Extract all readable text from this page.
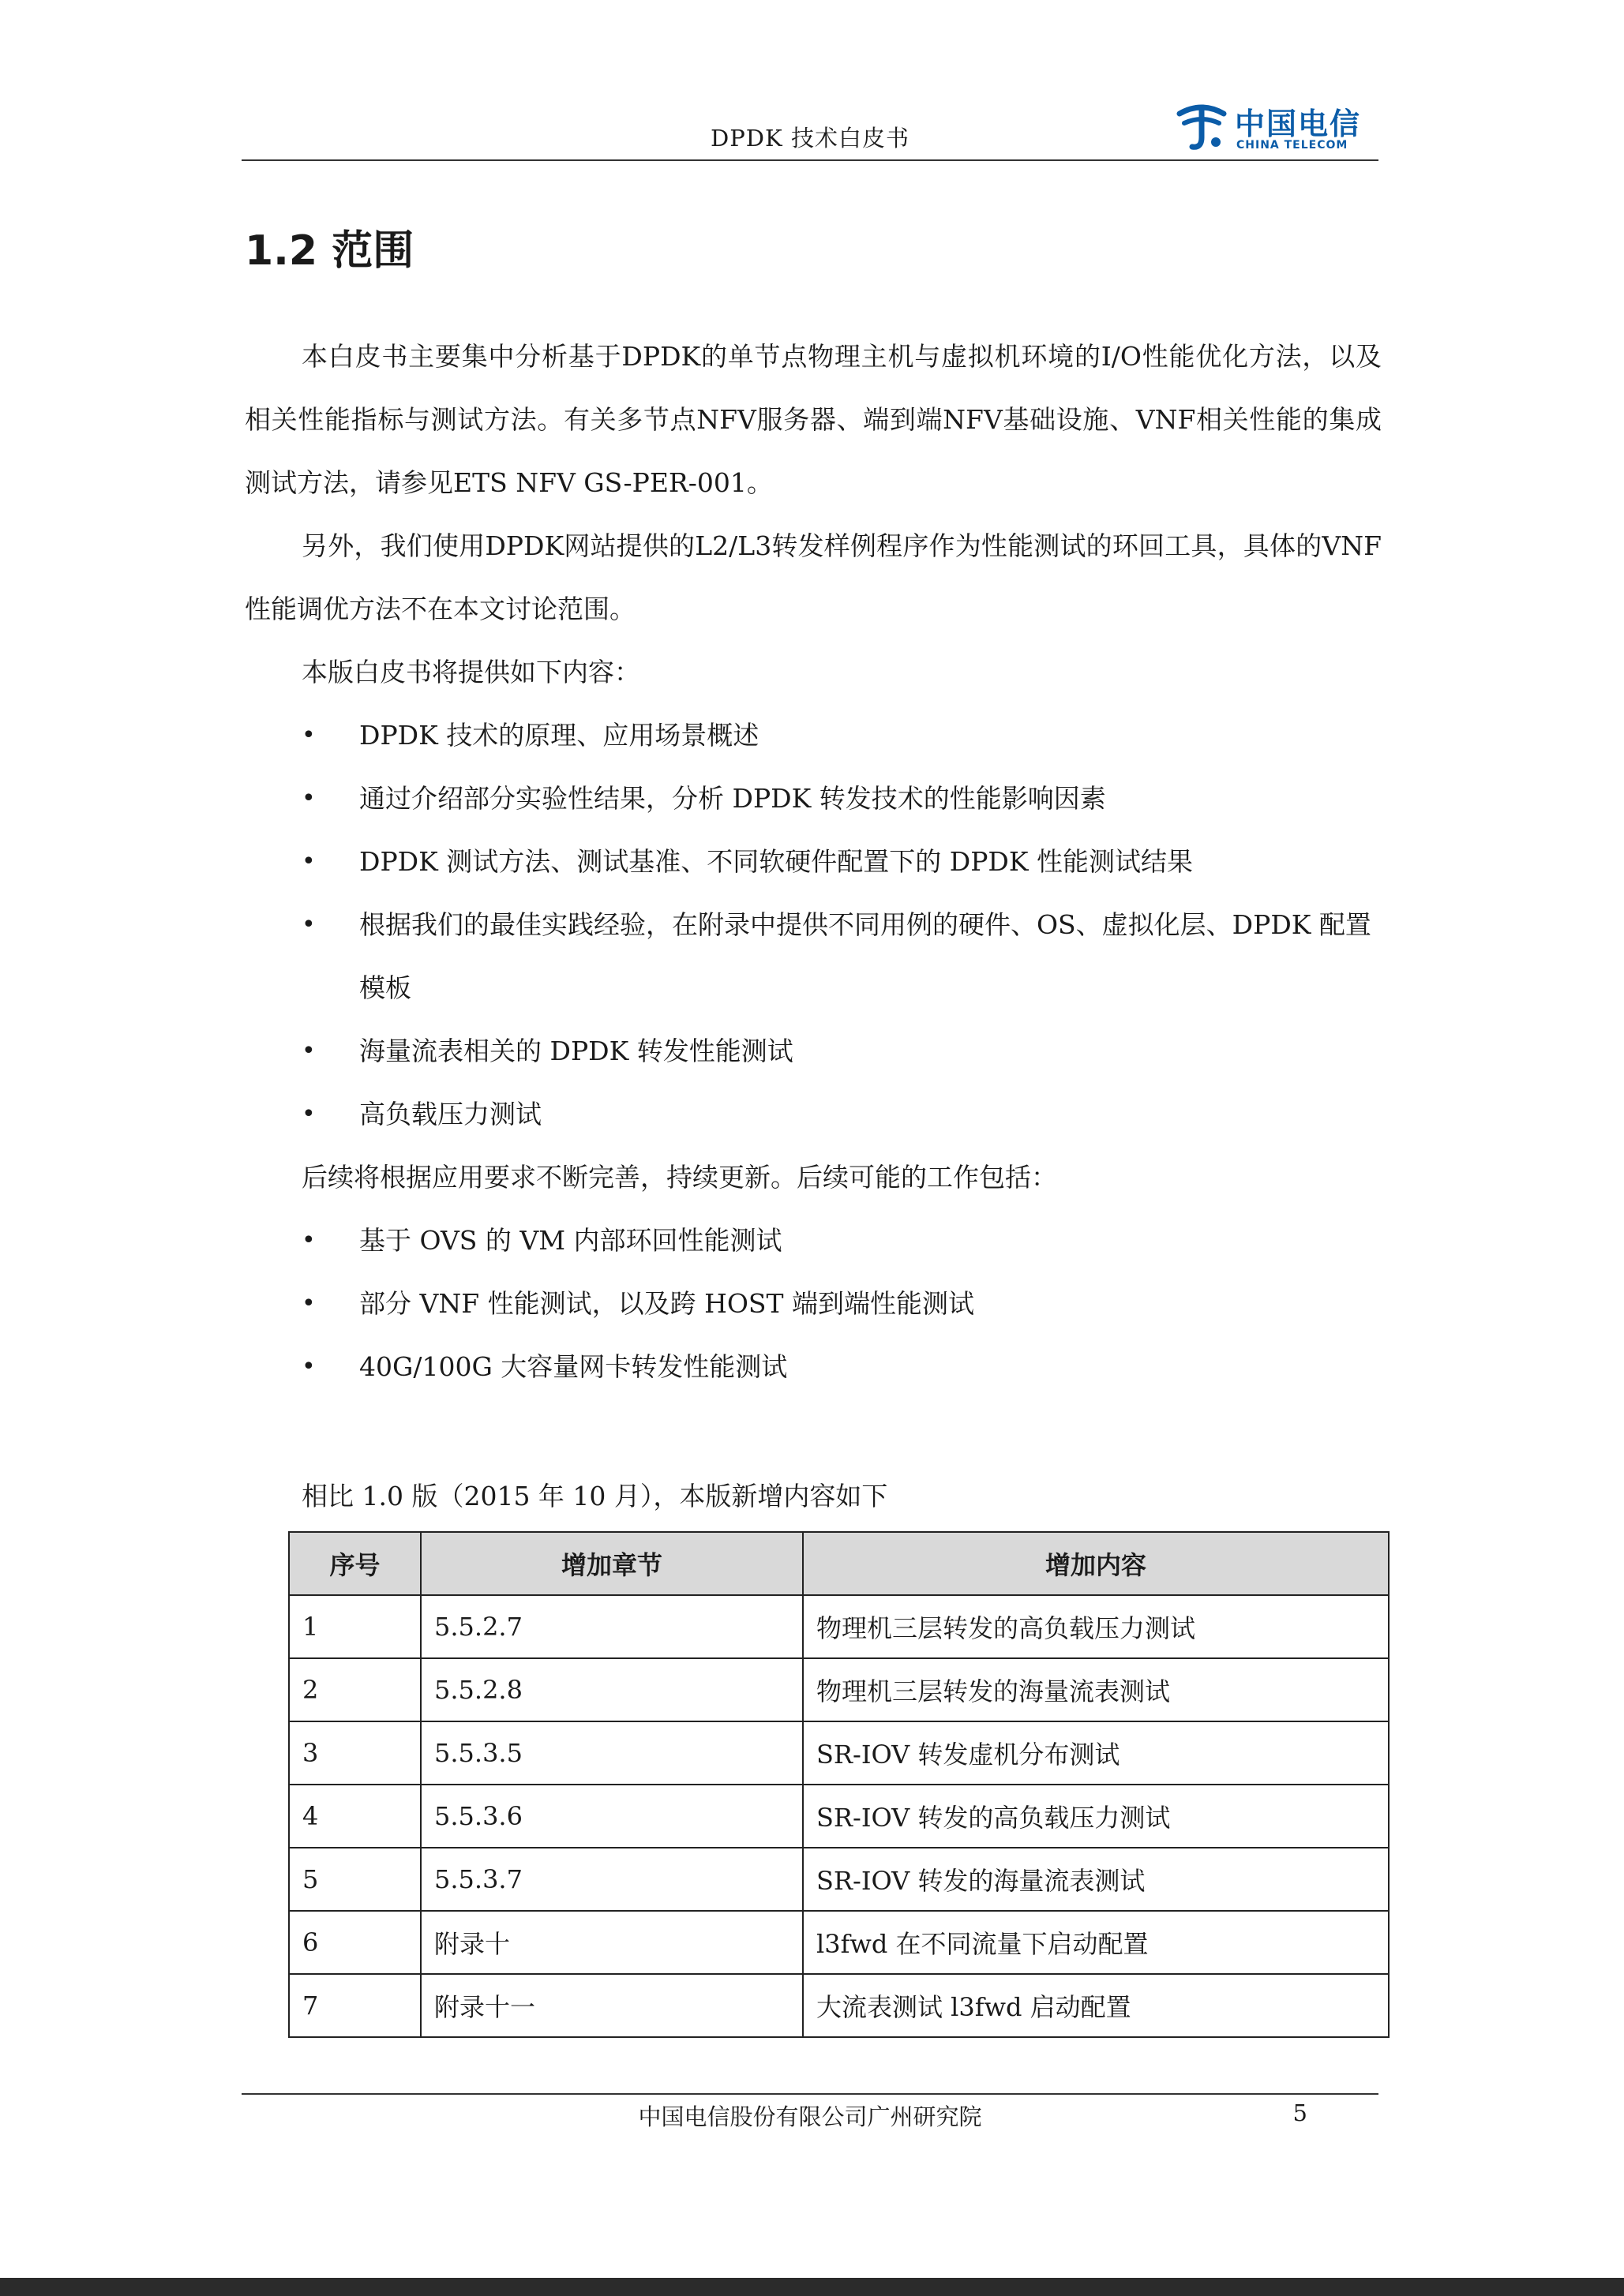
DPDK 技术白皮书	中国电信
CHINA TELECOM
1.2 范围

本白皮书主要集中分析基于DPDK的单节点物理主机与虚拟机环境的I/O性能优化方法，以及相关性能指标与测试方法。有关多节点NFV服务器、端到端NFV基础设施、VNF相关性能的集成测试方法，请参见ETS NFV GS-PER-001。

另外，我们使用DPDK网站提供的L2/L3转发样例程序作为性能测试的环回工具，具体的VNF性能调优方法不在本文讨论范围。

本版白皮书将提供如下内容：

• DPDK 技术的原理、应用场景概述
• 通过介绍部分实验性结果，分析 DPDK 转发技术的性能影响因素
• DPDK 测试方法、测试基准、不同软硬件配置下的 DPDK 性能测试结果
• 根据我们的最佳实践经验，在附录中提供不同用例的硬件、OS、虚拟化层、DPDK 配置模板
• 海量流表相关的 DPDK 转发性能测试
• 高负载压力测试

后续将根据应用要求不断完善，持续更新。后续可能的工作包括：

• 基于 OVS 的 VM 内部环回性能测试
• 部分 VNF 性能测试，以及跨 HOST 端到端性能测试
• 40G/100G 大容量网卡转发性能测试
相比 1.0 版（2015 年 10 月），本版新增内容如下
序号	增加章节	增加内容
1	5.5.2.7	物理机三层转发的高负载压力测试
2	5.5.2.8	物理机三层转发的海量流表测试
3	5.5.3.5	SR-IOV 转发虚机分布测试
4	5.5.3.6	SR-IOV 转发的高负载压力测试
5	5.5.3.7	SR-IOV 转发的海量流表测试
6	附录十	l3fwd 在不同流量下启动配置
7	附录十一	大流表测试 l3fwd 启动配置
中国电信股份有限公司广州研究院	5
